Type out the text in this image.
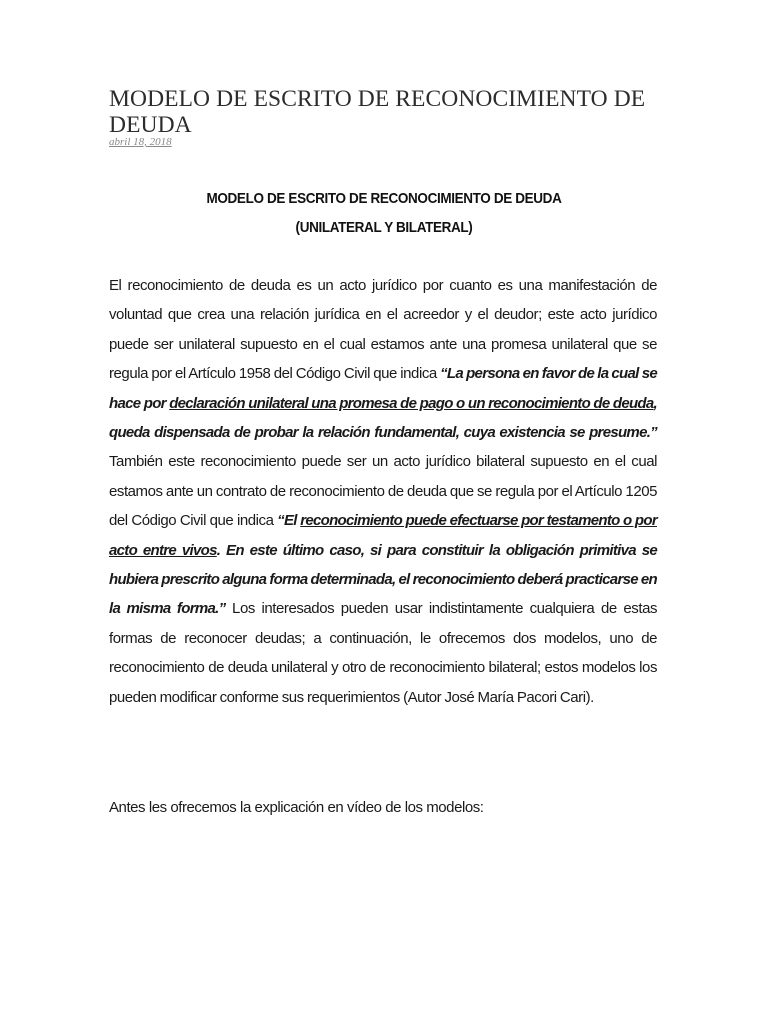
MODELO DE ESCRITO DE RECONOCIMIENTO DE DEUDA
abril 18, 2018

MODELO DE ESCRITO DE RECONOCIMIENTO DE DEUDA

(UNILATERAL Y BILATERAL)

El reconocimiento de deuda es un acto jurídico por cuanto es una manifestación de voluntad que crea una relación jurídica en el acreedor y el deudor; este acto jurídico puede ser unilateral supuesto en el cual estamos ante una promesa unilateral que se regula por el Artículo 1958 del Código Civil que indica “La persona en favor de la cual se hace por declaración unilateral una promesa de pago o un reconocimiento de deuda, queda dispensada de probar la relación fundamental, cuya existencia se presume.” También este reconocimiento puede ser un acto jurídico bilateral supuesto en el cual estamos ante un contrato de reconocimiento de deuda que se regula por el Artículo 1205 del Código Civil que indica “El reconocimiento puede efectuarse por testamento o por acto entre vivos. En este último caso, si para constituir la obligación primitiva se hubiera prescrito alguna forma determinada, el reconocimiento deberá practicarse en la misma forma.” Los interesados pueden usar indistintamente cualquiera de estas formas de reconocer deudas; a continuación, le ofrecemos dos modelos, uno de reconocimiento de deuda unilateral y otro de reconocimiento bilateral; estos modelos los pueden modificar conforme sus requerimientos (Autor José María Pacori Cari).

Antes les ofrecemos la explicación en vídeo de los modelos:
